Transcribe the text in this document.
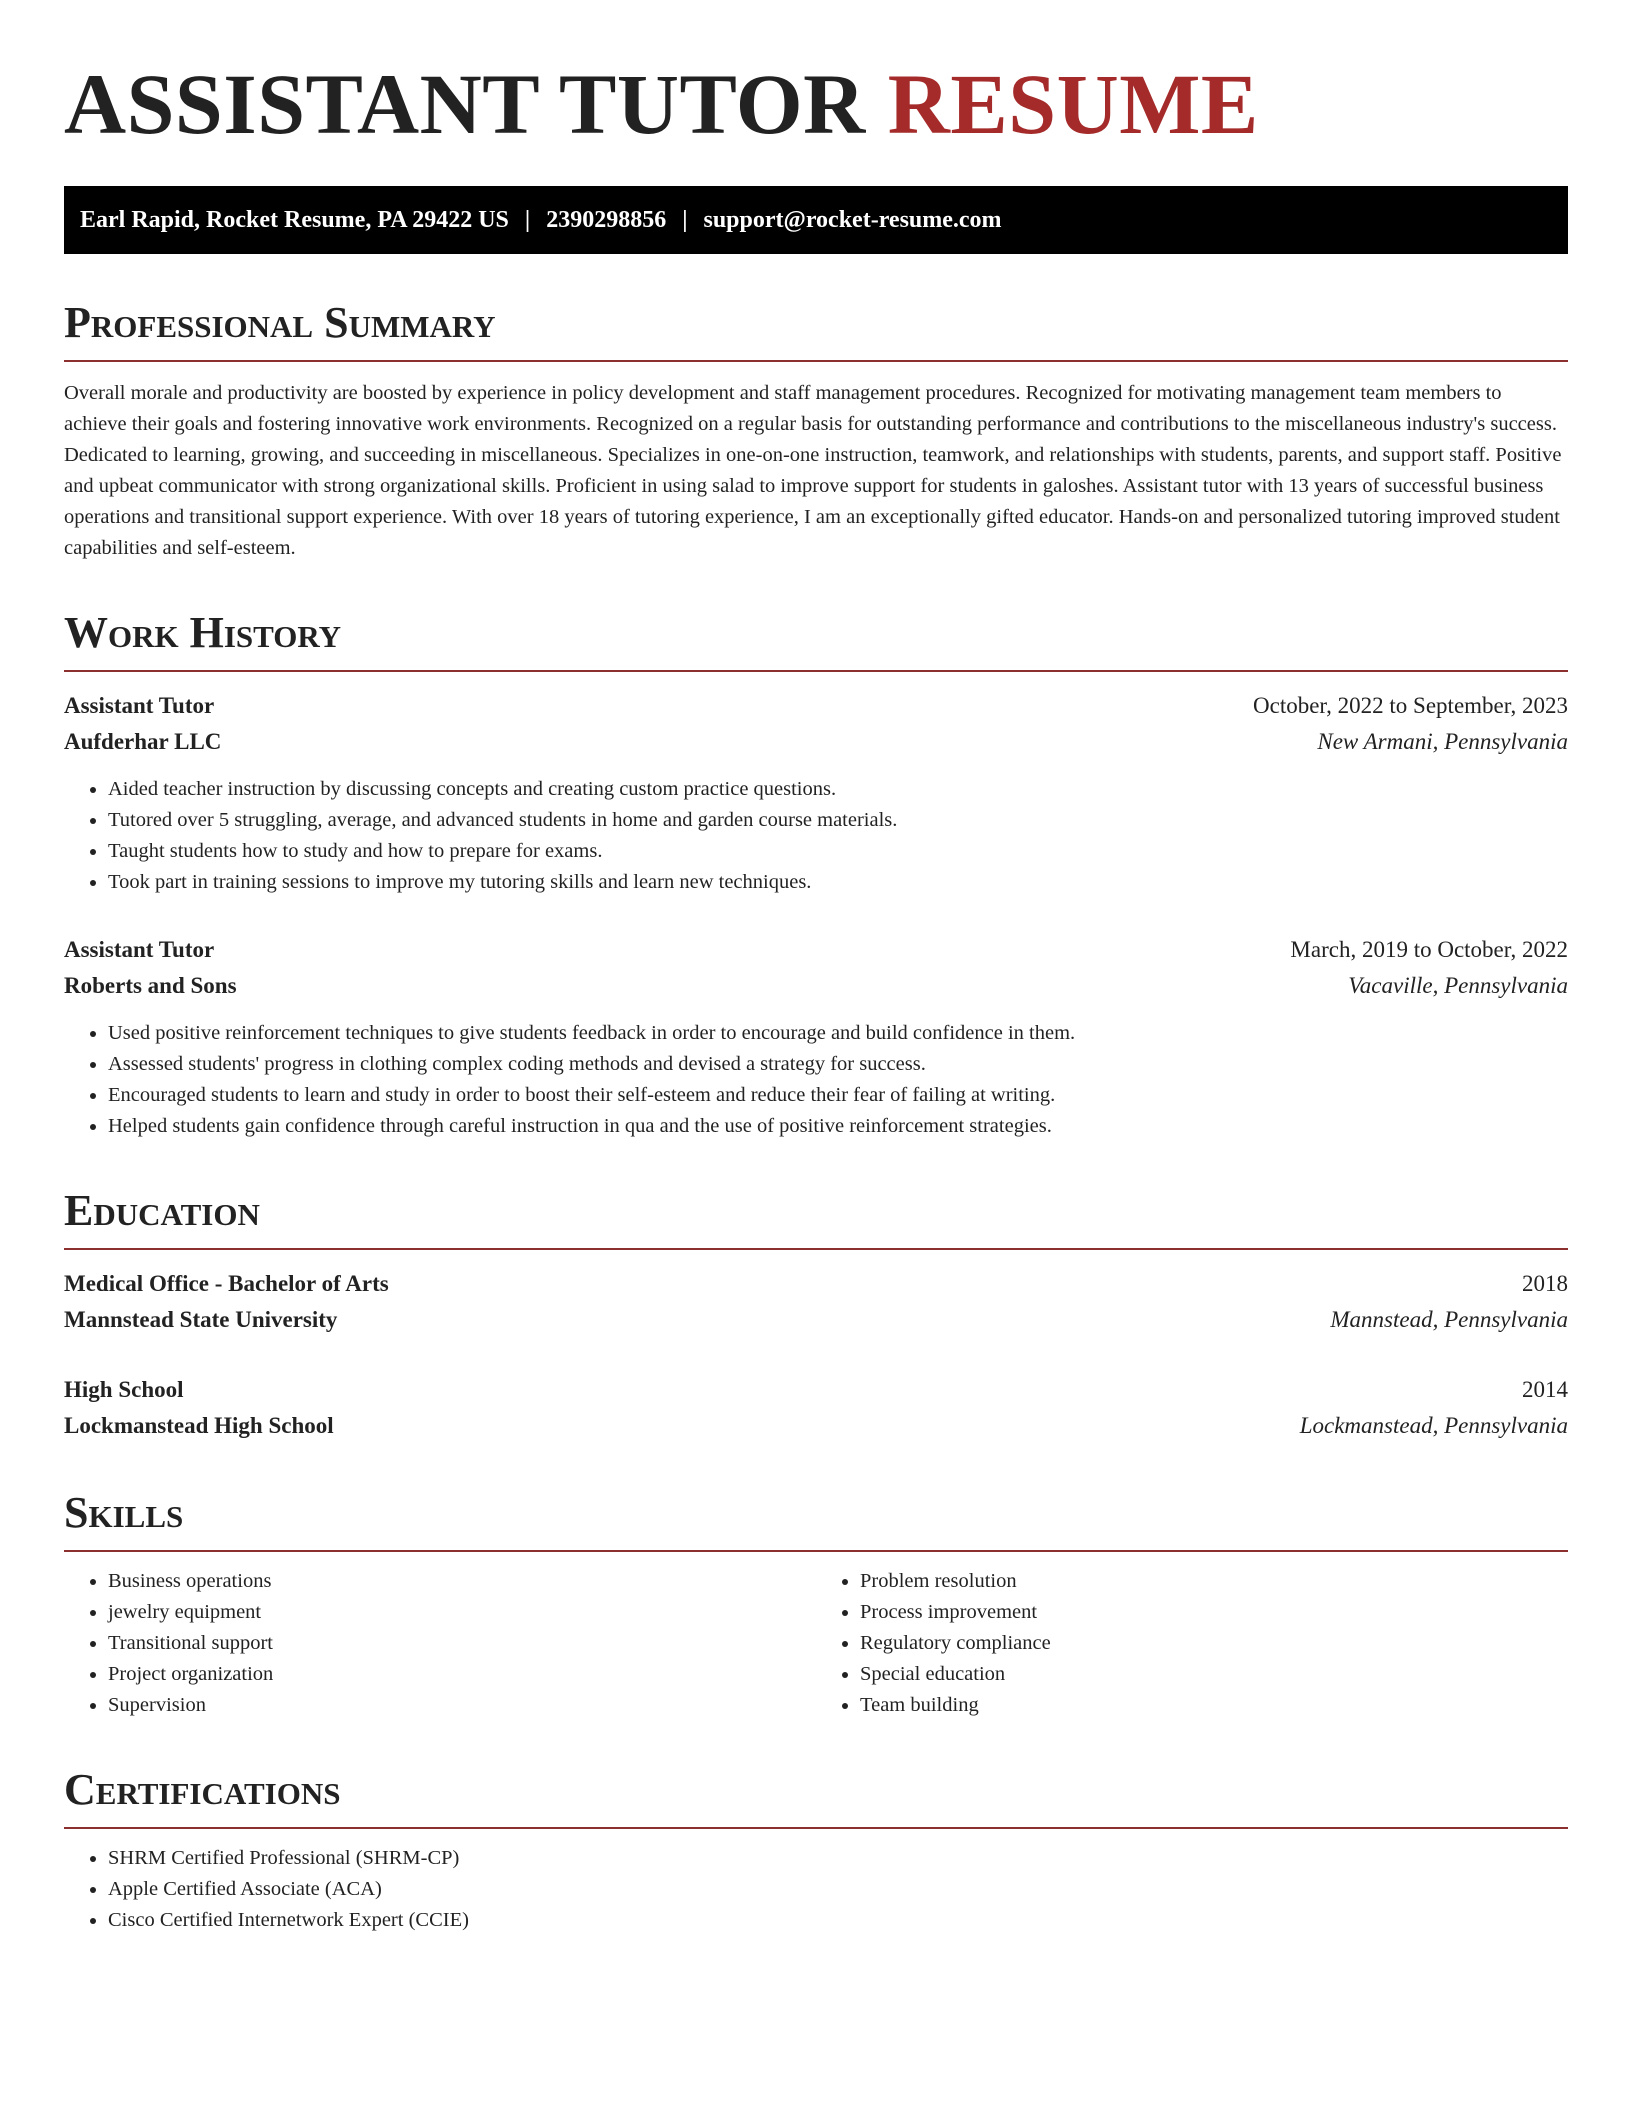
ASSISTANT TUTOR RESUME
Earl Rapid, Rocket Resume, PA 29422 US | 2390298856 | support@rocket-resume.com
Professional Summary

Overall morale and productivity are boosted by experience in policy development and staff management procedures. Recognized for motivating management team members to achieve their goals and fostering innovative work environments. Recognized on a regular basis for outstanding performance and contributions to the miscellaneous industry's success. Dedicated to learning, growing, and succeeding in miscellaneous. Specializes in one-on-one instruction, teamwork, and relationships with students, parents, and support staff. Positive and upbeat communicator with strong organizational skills. Proficient in using salad to improve support for students in galoshes. Assistant tutor with 13 years of successful business operations and transitional support experience. With over 18 years of tutoring experience, I am an exceptionally gifted educator. Hands-on and personalized tutoring improved student capabilities and self-esteem.

Work History
Assistant Tutor	October, 2022 to September, 2023
Aufderhar LLC	New Armani, Pennsylvania
• Aided teacher instruction by discussing concepts and creating custom practice questions.
• Tutored over 5 struggling, average, and advanced students in home and garden course materials.
• Taught students how to study and how to prepare for exams.
• Took part in training sessions to improve my tutoring skills and learn new techniques.
Assistant Tutor	March, 2019 to October, 2022
Roberts and Sons	Vacaville, Pennsylvania
• Used positive reinforcement techniques to give students feedback in order to encourage and build confidence in them.
• Assessed students' progress in clothing complex coding methods and devised a strategy for success.
• Encouraged students to learn and study in order to boost their self-esteem and reduce their fear of failing at writing.
• Helped students gain confidence through careful instruction in qua and the use of positive reinforcement strategies.
Education
Medical Office - Bachelor of Arts	2018
Mannstead State University	Mannstead, Pennsylvania
High School	2014
Lockmanstead High School	Lockmanstead, Pennsylvania
Skills
• Business operations
• jewelry equipment
• Transitional support
• Project organization
• Supervision
• Problem resolution
• Process improvement
• Regulatory compliance
• Special education
• Team building
Certifications
• SHRM Certified Professional (SHRM-CP)
• Apple Certified Associate (ACA)
• Cisco Certified Internetwork Expert (CCIE)
